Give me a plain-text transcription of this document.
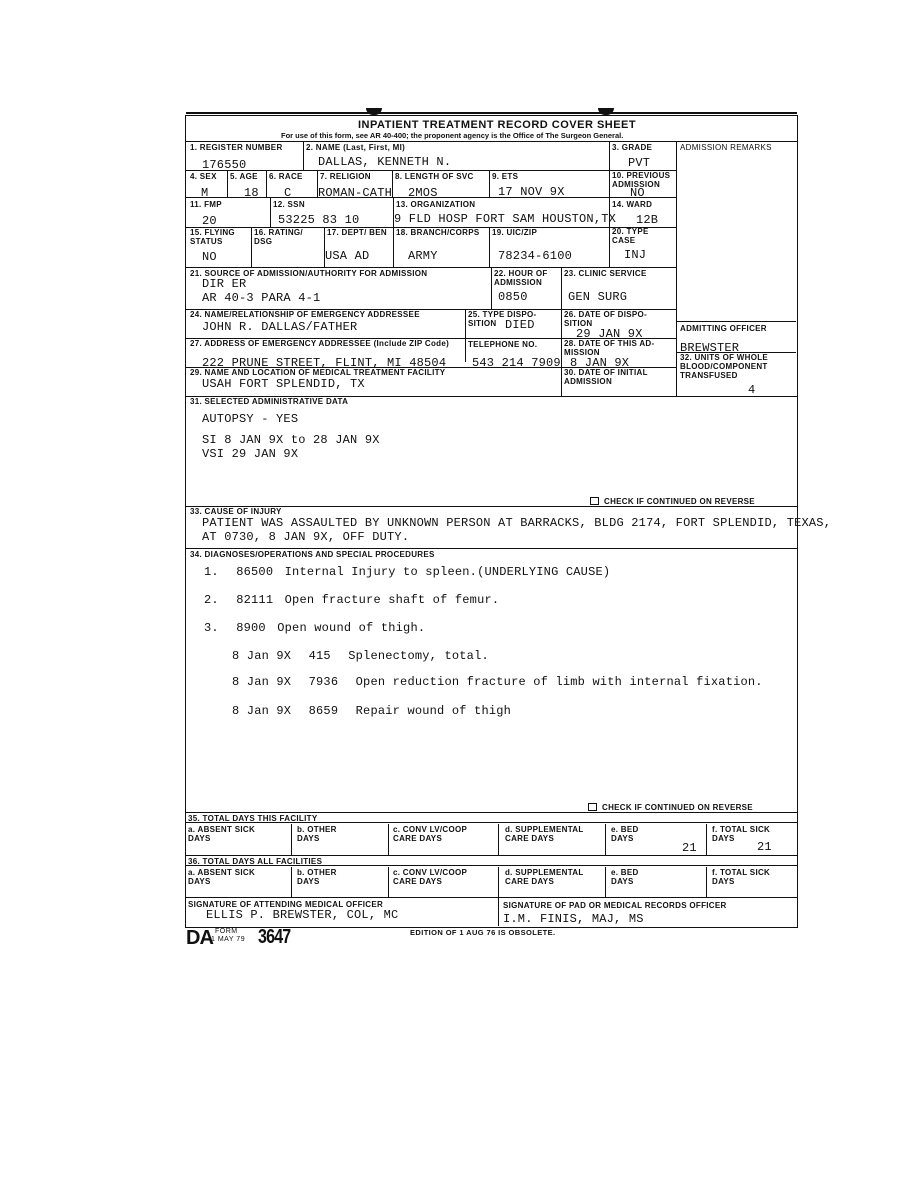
INPATIENT TREATMENT RECORD COVER SHEET
For use of this form, see AR 40-400; the proponent agency is the Office of The Surgeon General.
1. REGISTER NUMBER
176550
2. NAME (Last, First, MI)
DALLAS, KENNETH N.
3. GRADE
PVT
ADMISSION REMARKS
4. SEX
M
5. AGE
18
6. RACE
C
7. RELIGION
ROMAN-CATH
8. LENGTH OF SVC
2MOS
9. ETS
17 NOV 9X
10. PREVIOUS ADMISSION
NO
11. FMP
20
12. SSN
53225 83 10
13. ORGANIZATION
9 FLD HOSP FORT SAM HOUSTON,TX
14. WARD
12B
15. FLYING STATUS
NO
16. RATING/ DSG
17. DEPT/ BEN
USA AD
18. BRANCH/CORPS
ARMY
19. UIC/ZIP
78234-6100
20. TYPE CASE
INJ
21. SOURCE OF ADMISSION/AUTHORITY FOR ADMISSION
DIR ER
AR 40-3 PARA 4-1
22. HOUR OF ADMISSION
0850
23. CLINIC SERVICE
GEN SURG
24. NAME/RELATIONSHIP OF EMERGENCY ADDRESSEE
JOHN R. DALLAS/FATHER
25. TYPE DISPO- SITION DIED
26. DATE OF DISPO- SITION
29 JAN 9X	ADMITTING OFFICER
BREWSTER
32. UNITS OF WHOLE BLOOD/COMPONENT TRANSFUSED
4
27. ADDRESS OF EMERGENCY ADDRESSEE (Include ZIP Code)
222 PRUNE STREET, FLINT, MI 48504
TELEPHONE NO.
543 214 7909
28. DATE OF THIS AD- MISSION
8 JAN 9X
29. NAME AND LOCATION OF MEDICAL TREATMENT FACILITY
USAH FORT SPLENDID, TX
30. DATE OF INITIAL ADMISSION
31. SELECTED ADMINISTRATIVE DATA
AUTOPSY - YES
SI 8 JAN 9X to 28 JAN 9X
VSI 29 JAN 9X
CHECK IF CONTINUED ON REVERSE
33. CAUSE OF INJURY
PATIENT WAS ASSAULTED BY UNKNOWN PERSON AT BARRACKS, BLDG 2174, FORT SPLENDID, TEXAS,
AT 0730, 8 JAN 9X, OFF DUTY.
34. DIAGNOSES/OPERATIONS AND SPECIAL PROCEDURES
1. 86500 Internal Injury to spleen.(UNDERLYING CAUSE)
2. 82111 Open fracture shaft of femur.
3. 8900 Open wound of thigh.
8 Jan 9X 415 Splenectomy, total.
8 Jan 9X 7936 Open reduction fracture of limb with internal fixation.
8 Jan 9X 8659 Repair wound of thigh
CHECK IF CONTINUED ON REVERSE
35. TOTAL DAYS THIS FACILITY
a. ABSENT SICK DAYS
b. OTHER DAYS
c. CONV LV/COOP CARE DAYS
d. SUPPLEMENTAL CARE DAYS
e. BED DAYS
21
f. TOTAL SICK DAYS
21
36. TOTAL DAYS ALL FACILITIES
a. ABSENT SICK DAYS
b. OTHER DAYS
c. CONV LV/COOP CARE DAYS
d. SUPPLEMENTAL CARE DAYS
e. BED DAYS
f. TOTAL SICK DAYS
SIGNATURE OF ATTENDING MEDICAL OFFICER
ELLIS P. BREWSTER, COL, MC
SIGNATURE OF PAD OR MEDICAL RECORDS OFFICER
I.M. FINIS, MAJ, MS
DA FORM
1 MAY 79 3647	EDITION OF 1 AUG 76 IS OBSOLETE.
